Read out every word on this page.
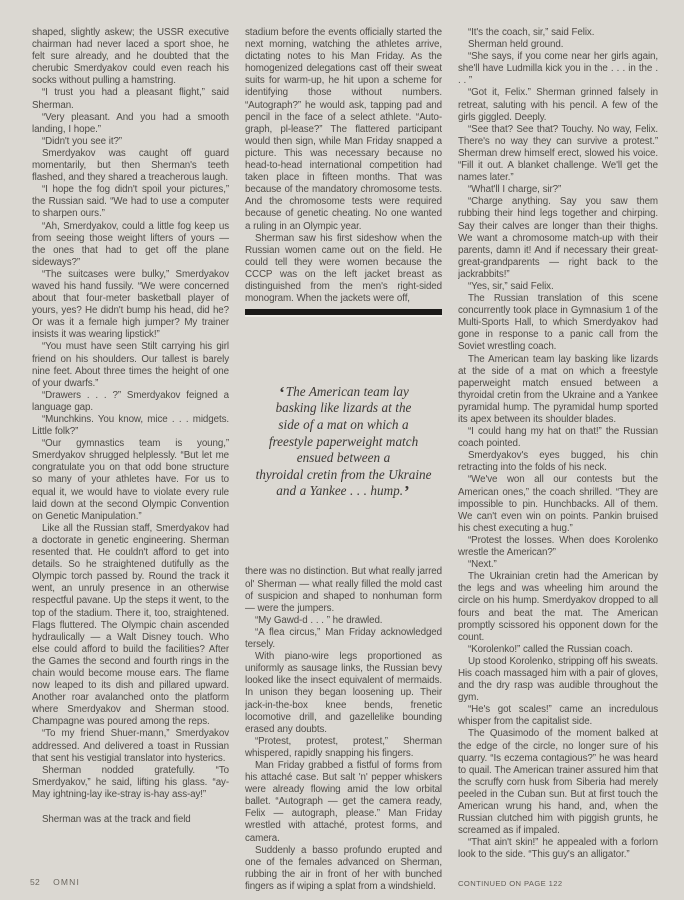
shaped, slightly askew; the USSR executive chairman had never laced a sport shoe, he felt sure already, and he doubted that the cherubic Smerdyakov could even reach his socks without pulling a hamstring.

“I trust you had a pleasant flight,” said Sherman.

“Very pleasant. And you had a smooth landing, I hope.”

“Didn't you see it?”

Smerdyakov was caught off guard momentarily, but then Sherman's teeth flashed, and they shared a treacherous laugh.

“I hope the fog didn't spoil your pictures,” the Russian said. “We had to use a computer to sharpen ours.”

“Ah, Smerdyakov, could a little fog keep us from seeing those weight lifters of yours — the ones that had to get off the plane sideways?”

“The suitcases were bulky,” Smerdyakov waved his hand fussily. “We were concerned about that four-meter basketball player of yours, yes? He didn't bump his head, did he? Or was it a female high jumper? My trainer insists it was wearing lipstick!”

“You must have seen Stilt carrying his girl friend on his shoulders. Our tallest is barely nine feet. About three times the height of one of your dwarfs.”

“Drawers . . . ?” Smerdyakov feigned a language gap.

“Munchkins. You know, mice . . . midgets. Little folk?”

“Our gymnastics team is young,” Smerdyakov shrugged helplessly. “But let me congratulate you on that odd bone structure so many of your athletes have. For us to equal it, we would have to violate every rule laid down at the second Olympic Convention on Genetic Manipulation.”

Like all the Russian staff, Smerdyakov had a doctorate in genetic engineering. Sherman resented that. He couldn't afford to get into details. So he straightened dutifully as the Olympic torch passed by. Round the track it went, an unruly presence in an otherwise respectful pavane. Up the steps it went, to the top of the stadium. There it, too, straightened. Flags fluttered. The Olympic chain ascended hydraulically — a Walt Disney touch. Who else could afford to build the facilities? After the Games the second and fourth rings in the chain would become mouse ears. The flame now leaped to its dish and pillared upward. Another roar avalanched onto the platform where Smerdyakov and Sherman stood. Champagne was poured among the reps.

“To my friend Shuer-mann,” Smerdyakov addressed. And delivered a toast in Russian that sent his vestigial translator into hysterics.

Sherman nodded gratefully. “To Smerdyakov,” he said, lifting his glass. “ay-May ightning-lay ike-stray is-hay ass-ay!”

Sherman was at the track and field

stadium before the events officially started the next morning, watching the athletes arrive, dictating notes to his Man Friday. As the homogenized delegations cast off their sweat suits for warm-up, he hit upon a scheme for identifying those without numbers. “Autograph?” he would ask, tapping pad and pencil in the face of a select athlete. “Auto-graph, pl-lease?” The flattered participant would then sign, while Man Friday snapped a picture. This was necessary because no head-to-head international competition had taken place in fifteen months. That was because of the mandatory chromosome tests. And the chromosome tests were required because of genetic cheating. No one wanted a ruling in an Olympic year.

Sherman saw his first sideshow when the Russian women came out on the field. He could tell they were women because the CCCP was on the left jacket breast as distinguished from the men's right-sided monogram. When the jackets were off,

‘The American team lay
basking like lizards at the
side of a mat on which a
freestyle paperweight match
ensued between a
thyroidal cretin from the Ukraine
and a Yankee . . . hump.’

there was no distinction. But what really jarred ol' Sherman — what really filled the mold cast of suspicion and shaped to nonhuman form — were the jumpers.

“My Gawd-d . . . ” he drawled.

“A flea circus,” Man Friday acknowledged tersely.

With piano-wire legs proportioned as uniformly as sausage links, the Russian bevy looked like the insect equivalent of mermaids. In unison they began loosening up. Their jack-in-the-box knee bends, frenetic locomotive drill, and gazellelike bounding erased any doubts.

“Protest, protest, protest,” Sherman whispered, rapidly snapping his fingers.

Man Friday grabbed a fistful of forms from his attaché case. But salt 'n' pepper whiskers were already flowing amid the low orbital ballet. “Autograph — get the camera ready, Felix — autograph, please.” Man Friday wrestled with attaché, protest forms, and camera.

Suddenly a basso profundo erupted and one of the females advanced on Sherman, rubbing the air in front of her with bunched fingers as if wiping a splat from a windshield.

“It's the coach, sir,” said Felix.

Sherman held ground.

“She says, if you come near her girls again, she'll have Ludmilla kick you in the . . . in the . . . ”

“Got it, Felix.” Sherman grinned falsely in retreat, saluting with his pencil. A few of the girls giggled. Deeply.

“See that? See that? Touchy. No way, Felix. There's no way they can survive a protest.” Sherman drew himself erect, slowed his voice. “Fill it out. A blanket challenge. We'll get the names later.”

“What'll I charge, sir?”

“Charge anything. Say you saw them rubbing their hind legs together and chirping. Say their calves are longer than their thighs. We want a chromosome match-up with their parents, damn it! And if necessary their great-great-grandparents — right back to the jackrabbits!”

“Yes, sir,” said Felix.

The Russian translation of this scene concurrently took place in Gymnasium 1 of the Multi-Sports Hall, to which Smerdyakov had gone in response to a panic call from the Soviet wrestling coach.

The American team lay basking like lizards at the side of a mat on which a freestyle paperweight match ensued between a thyroidal cretin from the Ukraine and a Yankee pyramidal hump. The pyramidal hump sported its apex between its shoulder blades.

“I could hang my hat on that!” the Russian coach pointed.

Smerdyakov's eyes bugged, his chin retracting into the folds of his neck.

“We've won all our contests but the American ones,” the coach shrilled. “They are impossible to pin. Hunchbacks. All of them. We can't even win on points. Pankin bruised his chest executing a hug.”

“Protest the losses. When does Korolenko wrestle the American?”

“Next.”

The Ukrainian cretin had the American by the legs and was wheeling him around the circle on his hump. Smerdyakov dropped to all fours and beat the mat. The American promptly scissored his opponent down for the count.

“Korolenko!” called the Russian coach.

Up stood Korolenko, stripping off his sweats. His coach massaged him with a pair of gloves, and the dry rasp was audible throughout the gym.

“He's got scales!” came an incredulous whisper from the capitalist side.

The Quasimodo of the moment balked at the edge of the circle, no longer sure of his quarry. “Is eczema contagious?” he was heard to quail. The American trainer assured him that the scruffy corn husk from Siberia had merely peeled in the Cuban sun. But at first touch the American wrung his hand, and, when the Russian clutched him with piggish grunts, he screamed as if impaled.

“That ain't skin!” he appealed with a forlorn look to the side. “This guy's an alligator.”

CONTINUED ON PAGE 122
52 OMNI
